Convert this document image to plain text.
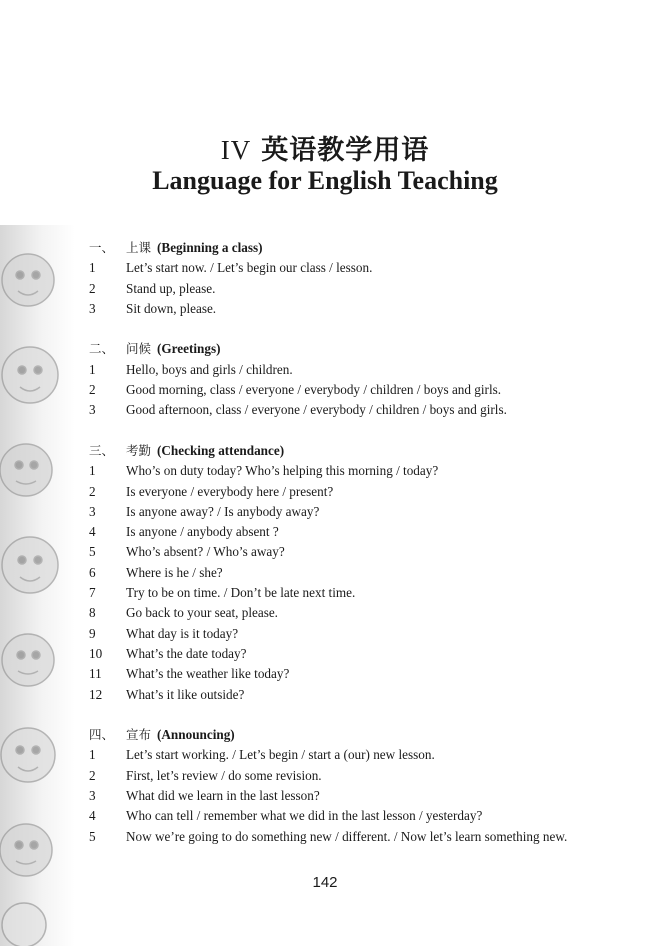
IV 英语教学用语
Language for English Teaching
一、 上课 (Beginning a class)
1	Let’s start now. / Let’s begin our class / lesson.
2	Stand up, please.
3	Sit down, please.
二、 问候 (Greetings)
1	Hello, boys and girls / children.
2	Good morning, class / everyone / everybody / children / boys and girls.
3	Good afternoon, class / everyone / everybody / children / boys and girls.
三、 考勤 (Checking attendance)
1	Who’s on duty today? Who’s helping this morning / today?
2	Is everyone / everybody here / present?
3	Is anyone away? / Is anybody away?
4	Is anyone / anybody absent ?
5	Who’s absent? / Who’s away?
6	Where is he / she?
7	Try to be on time. / Don’t be late next time.
8	Go back to your seat, please.
9	What day is it today?
10	What’s the date today?
11	What’s the weather like today?
12	What’s it like outside?
四、 宣布 (Announcing)
1	Let’s start working. / Let’s begin / start a (our) new lesson.
2	First, let’s review / do some revision.
3	What did we learn in the last lesson?
4	Who can tell / remember what we did in the last lesson / yesterday?
5	Now we’re going to do something new / different. / Now let’s learn something new.
142
